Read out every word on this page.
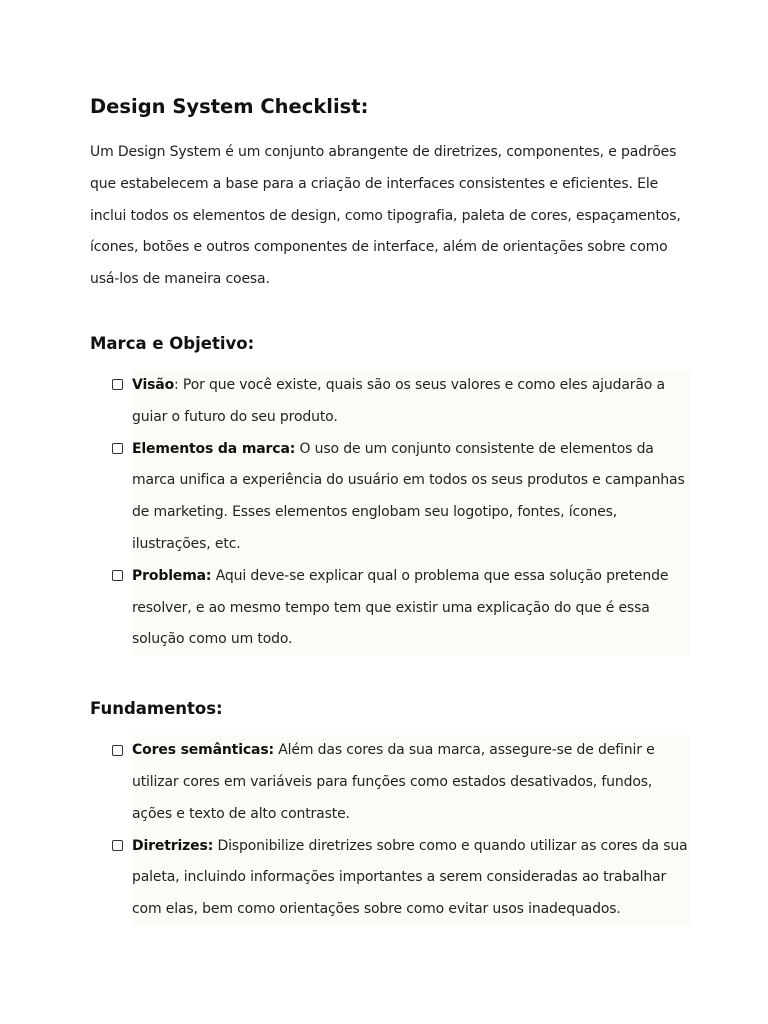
Design System Checklist:

Um Design System é um conjunto abrangente de diretrizes, componentes, e padrões que estabelecem a base para a criação de interfaces consistentes e eficientes. Ele inclui todos os elementos de design, como tipografia, paleta de cores, espaçamentos, ícones, botões e outros componentes de interface, além de orientações sobre como usá-los de maneira coesa.

Marca e Objetivo:
Visão: Por que você existe, quais são os seus valores e como eles ajudarão a guiar o futuro do seu produto.
Elementos da marca: O uso de um conjunto consistente de elementos da marca unifica a experiência do usuário em todos os seus produtos e campanhas de marketing. Esses elementos englobam seu logotipo, fontes, ícones, ilustrações, etc.
Problema: Aqui deve-se explicar qual o problema que essa solução pretende resolver, e ao mesmo tempo tem que existir uma explicação do que é essa solução como um todo.
Fundamentos:
Cores semânticas: Além das cores da sua marca, assegure-se de definir e utilizar cores em variáveis para funções como estados desativados, fundos, ações e texto de alto contraste.
Diretrizes: Disponibilize diretrizes sobre como e quando utilizar as cores da sua paleta, incluindo informações importantes a serem consideradas ao trabalhar com elas, bem como orientações sobre como evitar usos inadequados.
